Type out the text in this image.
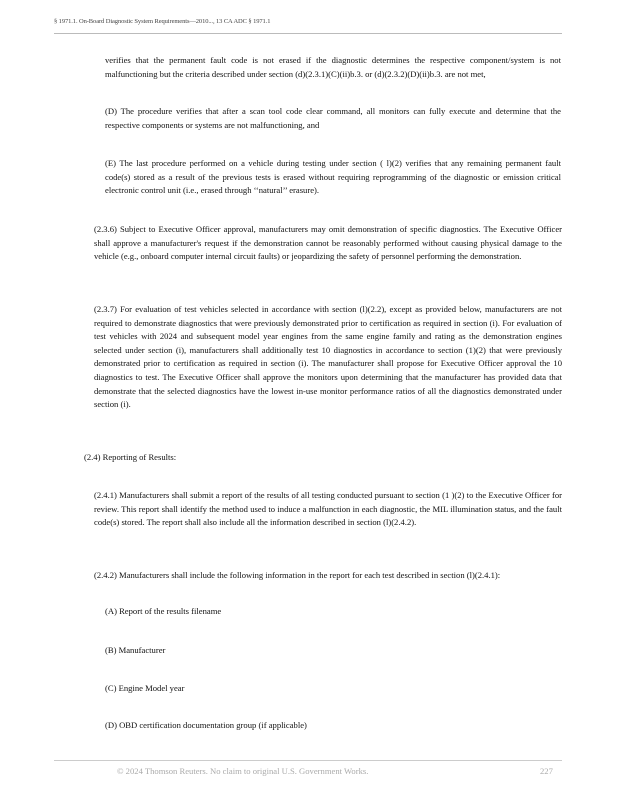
§ 1971.1. On-Board Diagnostic System Requirements—2010..., 13 CA ADC § 1971.1

verifies that the permanent fault code is not erased if the diagnostic determines the respective component/system is not malfunctioning but the criteria described under section (d)(2.3.1)(C)(ii)b.3. or (d)(2.3.2)(D)(ii)b.3. are not met,

(D) The procedure verifies that after a scan tool code clear command, all monitors can fully execute and determine that the respective components or systems are not malfunctioning, and

(E) The last procedure performed on a vehicle during testing under section ( l)(2) verifies that any remaining permanent fault code(s) stored as a result of the previous tests is erased without requiring reprogramming of the diagnostic or emission critical electronic control unit (i.e., erased through ‘‘natural’’ erasure).

(2.3.6) Subject to Executive Officer approval, manufacturers may omit demonstration of specific diagnostics. The Executive Officer shall approve a manufacturer's request if the demonstration cannot be reasonably performed without causing physical damage to the vehicle (e.g., onboard computer internal circuit faults) or jeopardizing the safety of personnel performing the demonstration.

(2.3.7) For evaluation of test vehicles selected in accordance with section (l)(2.2), except as provided below, manufacturers are not required to demonstrate diagnostics that were previously demonstrated prior to certification as required in section (i). For evaluation of test vehicles with 2024 and subsequent model year engines from the same engine family and rating as the demonstration engines selected under section (i), manufacturers shall additionally test 10 diagnostics in accordance to section (1)(2) that were previously demonstrated prior to certification as required in section (i). The manufacturer shall propose for Executive Officer approval the 10 diagnostics to test. The Executive Officer shall approve the monitors upon determining that the manufacturer has provided data that demonstrate that the selected diagnostics have the lowest in-use monitor performance ratios of all the diagnostics demonstrated under section (i).

(2.4) Reporting of Results:

(2.4.1) Manufacturers shall submit a report of the results of all testing conducted pursuant to section (1 )(2) to the Executive Officer for review. This report shall identify the method used to induce a malfunction in each diagnostic, the MIL illumination status, and the fault code(s) stored. The report shall also include all the information described in section (l)(2.4.2).

(2.4.2) Manufacturers shall include the following information in the report for each test described in section (l)(2.4.1):

(A) Report of the results filename

(B) Manufacturer

(C) Engine Model year

(D) OBD certification documentation group (if applicable)

© 2024 Thomson Reuters. No claim to original U.S. Government Works.	227
